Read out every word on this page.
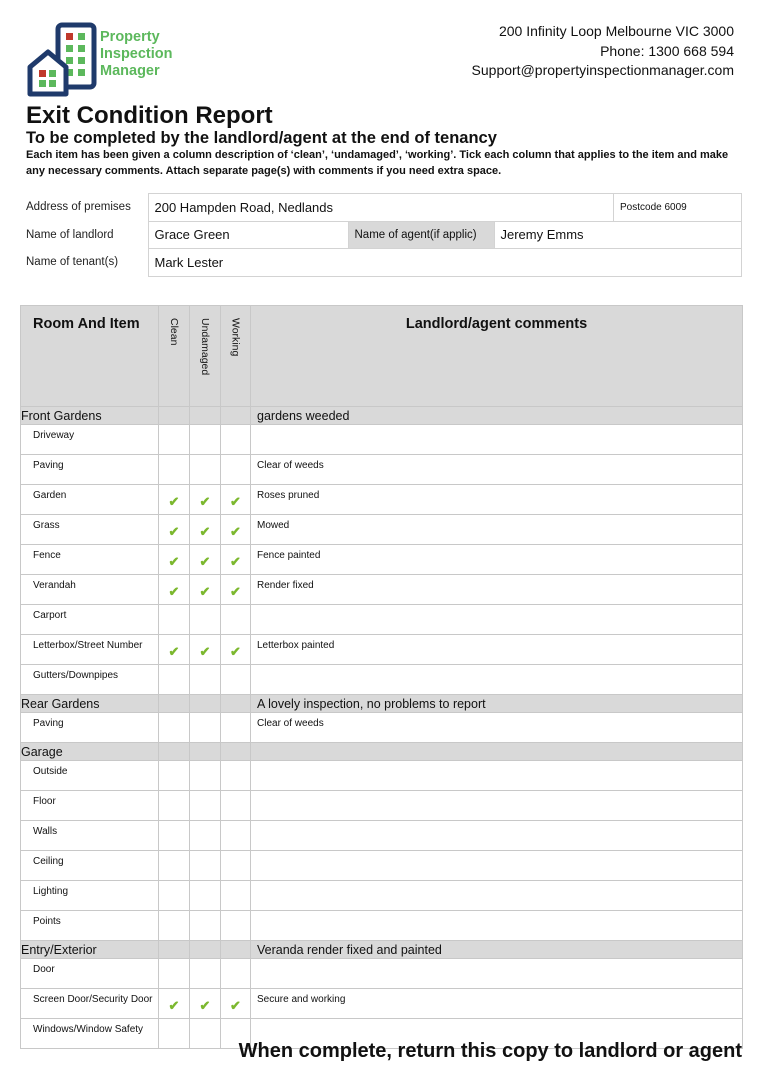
Property
Inspection
Manager
200 Infinity Loop Melbourne VIC 3000
Phone: 1300 668 594
Support@propertyinspectionmanager.com
Exit Condition Report
To be completed by the landlord/agent at the end of tenancy
Each item has been given a column description of ‘clean’, ‘undamaged’, ‘working’. Tick each column that applies to the item and make any necessary comments. Attach separate page(s) with comments if you need extra space.
Address of premises	200 Hampden Road, Nedlands			Postcode 6009
Name of landlord	Grace Green	Name of agent(if applic)	Jeremy Emms	
Name of tenant(s)	Mark Lester			
Room And Item	Clean	Undamaged	Working	Landlord/agent comments
Front Gardens				gardens weeded
Driveway				
Paving				Clear of weeds
Garden	✔	✔	✔	Roses pruned
Grass	✔	✔	✔	Mowed
Fence	✔	✔	✔	Fence painted
Verandah	✔	✔	✔	Render fixed
Carport				
Letterbox/Street Number	✔	✔	✔	Letterbox painted
Gutters/Downpipes				
Rear Gardens				A lovely inspection, no problems to report
Paving				Clear of weeds
Garage				
Outside				
Floor				
Walls				
Ceiling				
Lighting				
Points				
Entry/Exterior				Veranda render fixed and painted
Door				
Screen Door/Security Door	✔	✔	✔	Secure and working
Windows/Window Safety				
When complete, return this copy to landlord or agent
